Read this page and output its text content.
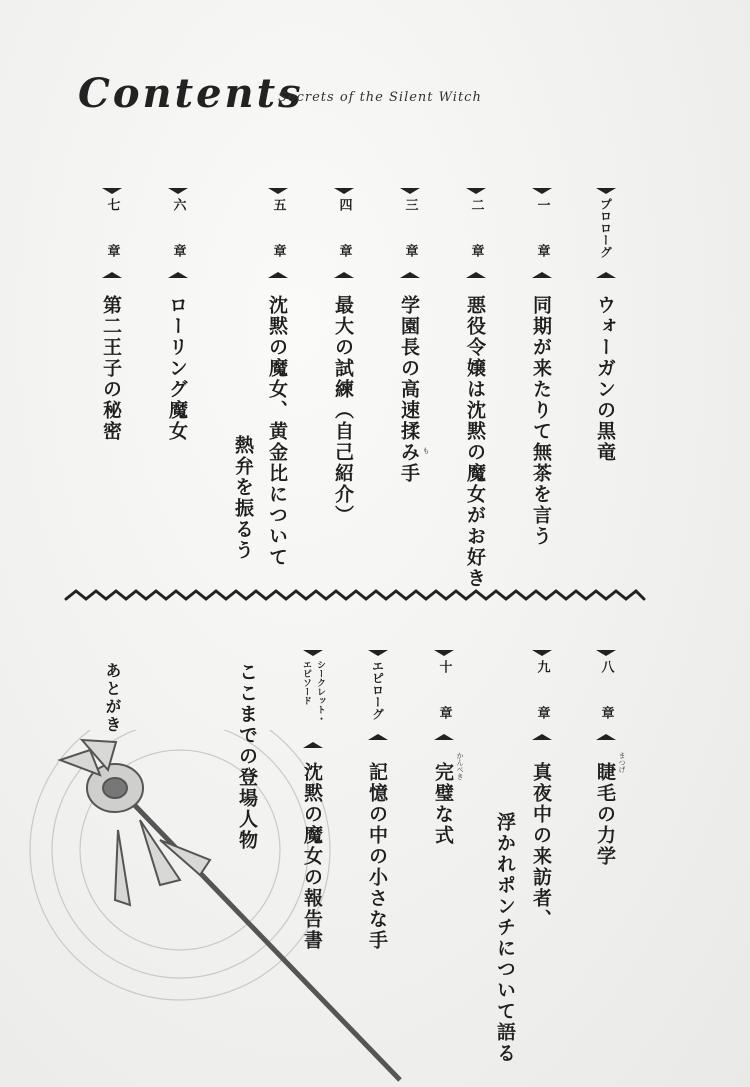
Contents
Secrets of the Silent Witch
プロローグ
ウォーガンの黒竜
一　章
同期が来たりて無茶を言う
二　章
悪役令嬢は沈黙の魔女がお好き
三　章
学園長の高速揉み手 も
四　章
最大の試練（自己紹介）
五　章
沈黙の魔女、黄金比について
熱弁を振るう
六　章
ローリング魔女
七　章
第二王子の秘密
八　章
睫毛の力学 まつげ
九　章
真夜中の来訪者、
浮かれポンチについて語る
十　章
完璧な式 かんぺき
エピローグ
記憶の中の小さな手
シークレット・
エピソード
沈黙の魔女の報告書
ここまでの登場人物
あとがき
